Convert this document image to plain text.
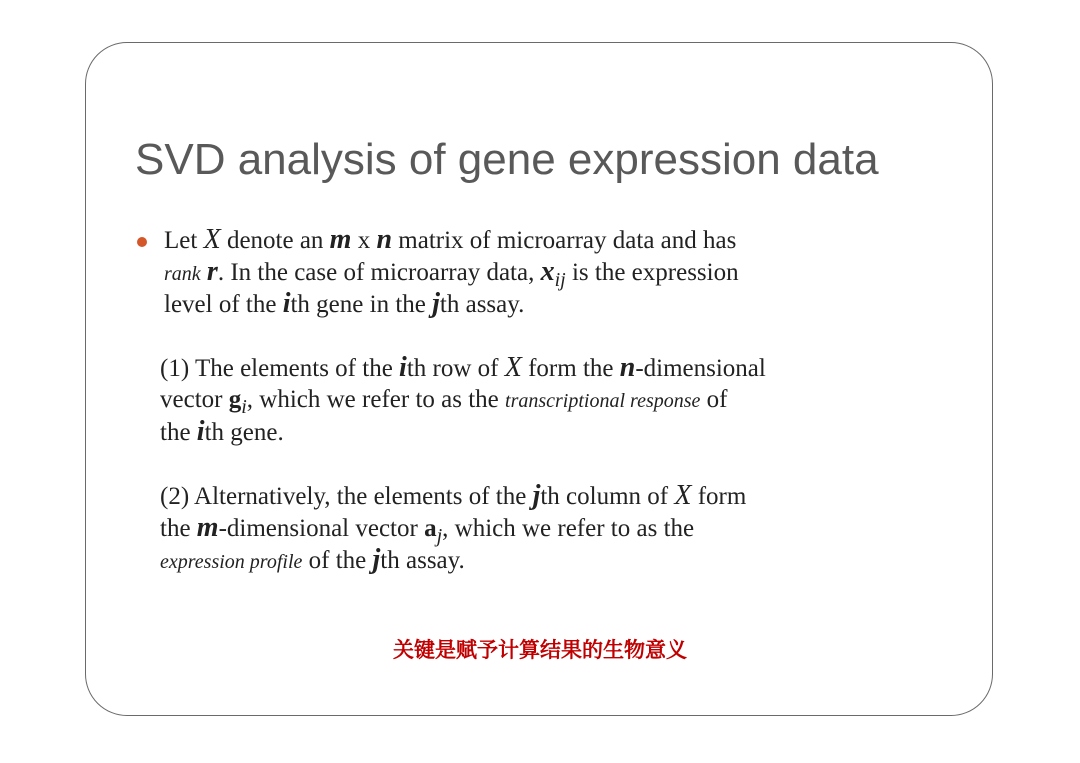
SVD analysis of gene expression data
Let X denote an m x n matrix of microarray data and has
rank r. In the case of microarray data, $x_{ij}$ is the expression
level of the ith gene in the jth assay.
(1) The elements of the ith row of X form the n-dimensional
vector $g_i$, which we refer to as the transcriptional response of
the ith gene.
(2) Alternatively, the elements of the jth column of X form
the m-dimensional vector $a_j$, which we refer to as the
expression profile of the jth assay.
关键是赋予计算结果的生物意义
